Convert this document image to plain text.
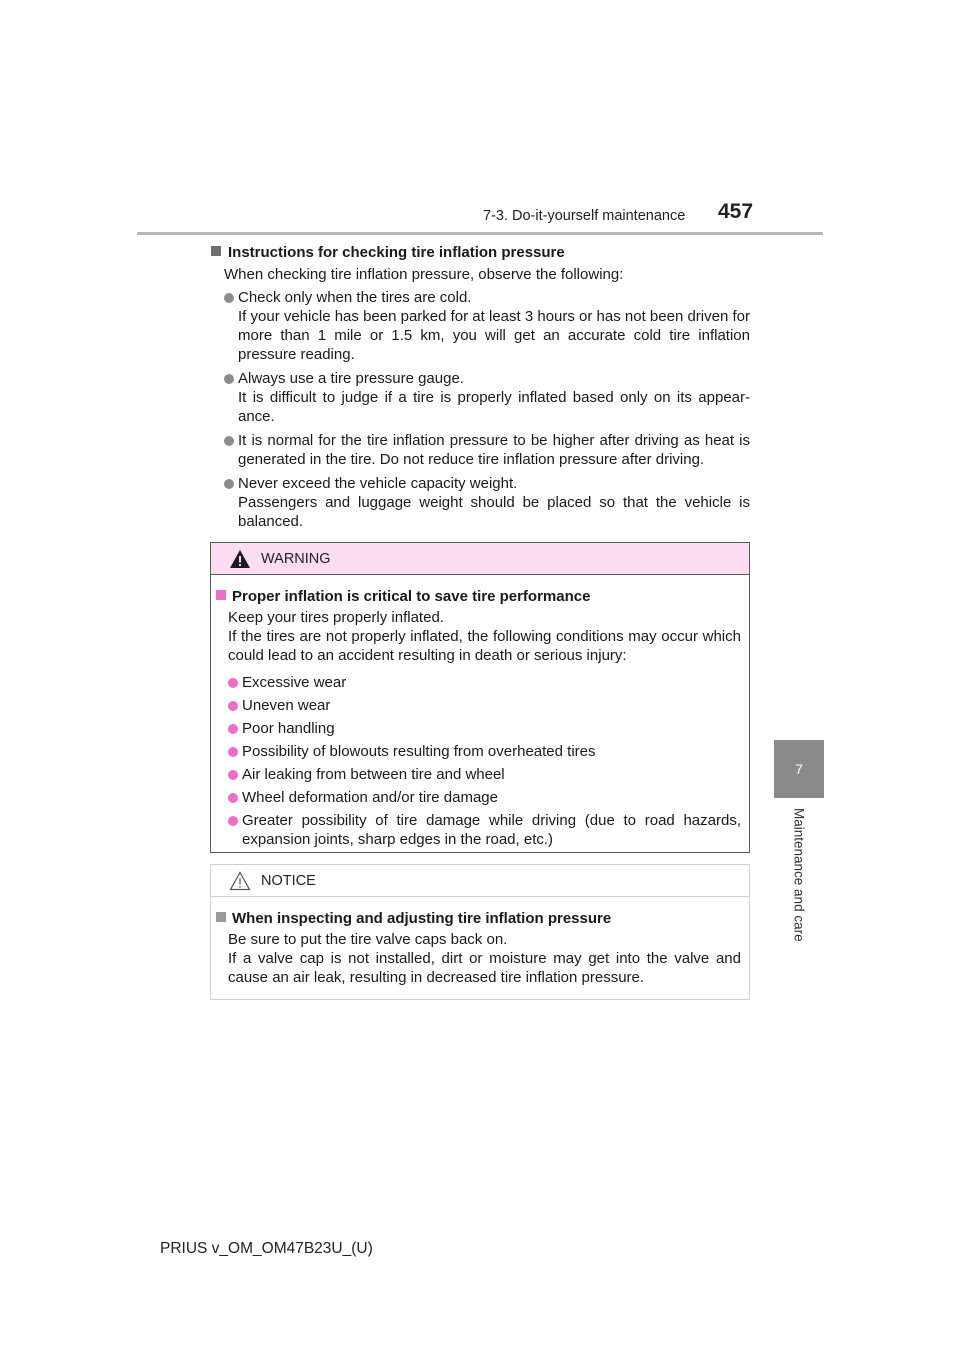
7-3. Do-it-yourself maintenance 457
7
Maintenance and care
Instructions for checking tire inflation pressure
When checking tire inflation pressure, observe the following:
Check only when the tires are cold.
If your vehicle has been parked for at least 3 hours or has not been driven for more than 1 mile or 1.5 km, you will get an accurate cold tire inflation pressure reading.
Always use a tire pressure gauge.
It is difficult to judge if a tire is properly inflated based only on its appear-ance.
It is normal for the tire inflation pressure to be higher after driving as heat is generated in the tire. Do not reduce tire inflation pressure after driving.
Never exceed the vehicle capacity weight.
Passengers and luggage weight should be placed so that the vehicle is balanced.
WARNING
Proper inflation is critical to save tire performance
Keep your tires properly inflated.
If the tires are not properly inflated, the following conditions may occur which could lead to an accident resulting in death or serious injury:
Excessive wear
Uneven wear
Poor handling
Possibility of blowouts resulting from overheated tires
Air leaking from between tire and wheel
Wheel deformation and/or tire damage
Greater possibility of tire damage while driving (due to road hazards, expansion joints, sharp edges in the road, etc.)
NOTICE
When inspecting and adjusting tire inflation pressure
Be sure to put the tire valve caps back on.
If a valve cap is not installed, dirt or moisture may get into the valve and cause an air leak, resulting in decreased tire inflation pressure.
PRIUS v_OM_OM47B23U_(U)
